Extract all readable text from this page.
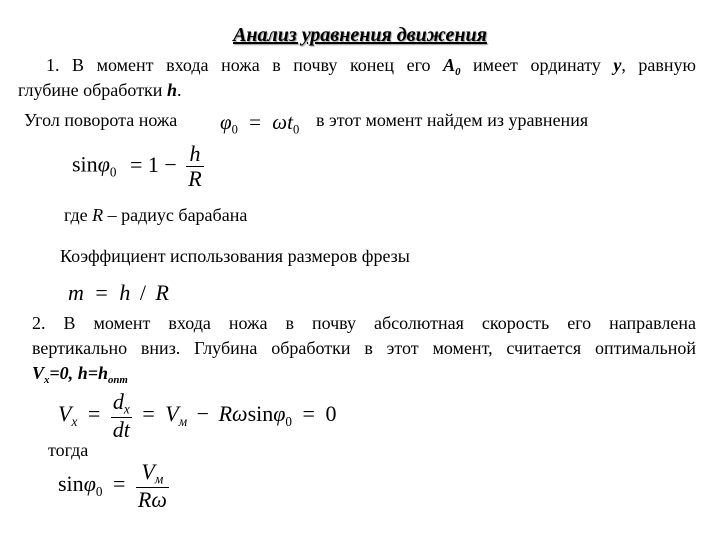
Анализ уравнения движения
1. В момент входа ножа в почву конец его $A_0$ имеет ординату y, равную
глубине обработки h.
Угол поворота ножа $\varphi_0 = \omega t_0$ в этот момент найдем из уравнения
$\sin\varphi_0 = 1 - \frac{h}{R}$
где R – радиус барабана
Коэффициент использования размеров фрезы
m = h / R
2. В момент входа ножа в почву абсолютная скорость его направлена
вертикально вниз. Глубина обработки в этот момент, считается оптимальной
$V_x=0$, $h=h_{опт}$
$V_x = \frac{d_x}{dt} = V_м - R\omega\sin\varphi_0 = 0$
тогда
$\sin\varphi_0 = \frac{V_м}{R\omega}$
